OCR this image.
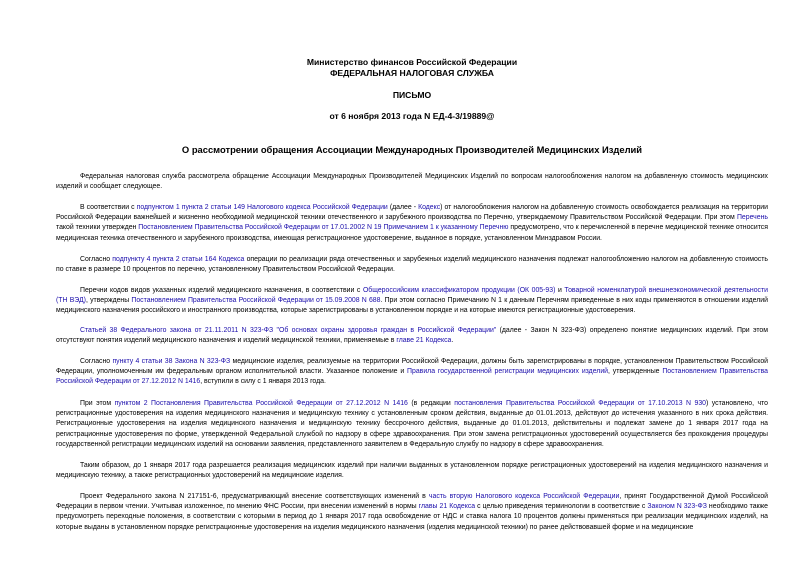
Министерство финансов Российской Федерации
ФЕДЕРАЛЬНАЯ НАЛОГОВАЯ СЛУЖБА
ПИСЬМО
от 6 ноября 2013 года N ЕД-4-3/19889@
О рассмотрении обращения Ассоциации Международных Производителей Медицинских Изделий
Федеральная налоговая служба рассмотрела обращение Ассоциации Международных Производителей Медицинских Изделий по вопросам налогообложения налогом на добавленную стоимость медицинских изделий и сообщает следующее.
В соответствии с подпунктом 1 пункта 2 статьи 149 Налогового кодекса Российской Федерации (далее - Кодекс) от налогообложения налогом на добавленную стоимость освобождается реализация на территории Российской Федерации важнейшей и жизненно необходимой медицинской техники отечественного и зарубежного производства по Перечню, утверждаемому Правительством Российской Федерации. При этом Перечень такой техники утвержден Постановлением Правительства Российской Федерации от 17.01.2002 N 19 Примечанием 1 к указанному Перечню предусмотрено, что к перечисленной в перечне медицинской технике относится медицинская техника отечественного и зарубежного производства, имеющая регистрационное удостоверение, выданное в порядке, установленном Минздравом России.
Согласно подпункту 4 пункта 2 статьи 164 Кодекса операции по реализации ряда отечественных и зарубежных изделий медицинского назначения подлежат налогообложению налогом на добавленную стоимость по ставке в размере 10 процентов по перечню, установленному Правительством Российской Федерации.
Перечни кодов видов указанных изделий медицинского назначения, в соответствии с Общероссийским классификатором продукции (ОК 005-93) и Товарной номенклатурой внешнеэкономической деятельности (ТН ВЭД), утверждены Постановлением Правительства Российской Федерации от 15.09.2008 N 688. При этом согласно Примечанию N 1 к данным Перечням приведенные в них коды применяются в отношении изделий медицинского назначения российского и иностранного производства, которые зарегистрированы в установленном порядке и на которые имеются регистрационные удостоверения.
Статьей 38 Федерального закона от 21.11.2011 N 323-ФЗ "Об основах охраны здоровья граждан в Российской Федерации" (далее - Закон N 323-ФЗ) определено понятие медицинских изделий. При этом отсутствуют понятия изделий медицинского назначения и изделий медицинской техники, применяемые в главе 21 Кодекса.
Согласно пункту 4 статьи 38 Закона N 323-ФЗ медицинские изделия, реализуемые на территории Российской Федерации, должны быть зарегистрированы в порядке, установленном Правительством Российской Федерации, уполномоченным им федеральным органом исполнительной власти. Указанное положение и Правила государственной регистрации медицинских изделий, утвержденные Постановлением Правительства Российской Федерации от 27.12.2012 N 1416, вступили в силу с 1 января 2013 года.
При этом пунктом 2 Постановления Правительства Российской Федерации от 27.12.2012 N 1416 (в редакции постановления Правительства Российской Федерации от 17.10.2013 N 930) установлено, что регистрационные удостоверения на изделия медицинского назначения и медицинскую технику с установленным сроком действия, выданные до 01.01.2013, действуют до истечения указанного в них срока действия. Регистрационные удостоверения на изделия медицинского назначения и медицинскую технику бессрочного действия, выданные до 01.01.2013, действительны и подлежат замене до 1 января 2017 года на регистрационные удостоверения по форме, утвержденной Федеральной службой по надзору в сфере здравоохранения. При этом замена регистрационных удостоверений осуществляется без прохождения процедуры государственной регистрации медицинских изделий на основании заявления, представленного заявителем в Федеральную службу по надзору в сфере здравоохранения.
Таким образом, до 1 января 2017 года разрешается реализация медицинских изделий при наличии выданных в установленном порядке регистрационных удостоверений на изделия медицинского назначения и медицинскую технику, а также регистрационных удостоверений на медицинские изделия.
Проект Федерального закона N 217151-6, предусматривающий внесение соответствующих изменений в часть вторую Налогового кодекса Российской Федерации, принят Государственной Думой Российской Федерации в первом чтении. Учитывая изложенное, по мнению ФНС России, при внесении изменений в нормы главы 21 Кодекса с целью приведения терминологии в соответствие с Законом N 323-ФЗ необходимо также предусмотреть переходные положения, в соответствии с которыми в период до 1 января 2017 года освобождение от НДС и ставка налога 10 процентов должны применяться при реализации медицинских изделий, на которые выданы в установленном порядке регистрационные удостоверения на изделия медицинского назначения (изделия медицинской техники) по ранее действовавшей форме и на медицинские
